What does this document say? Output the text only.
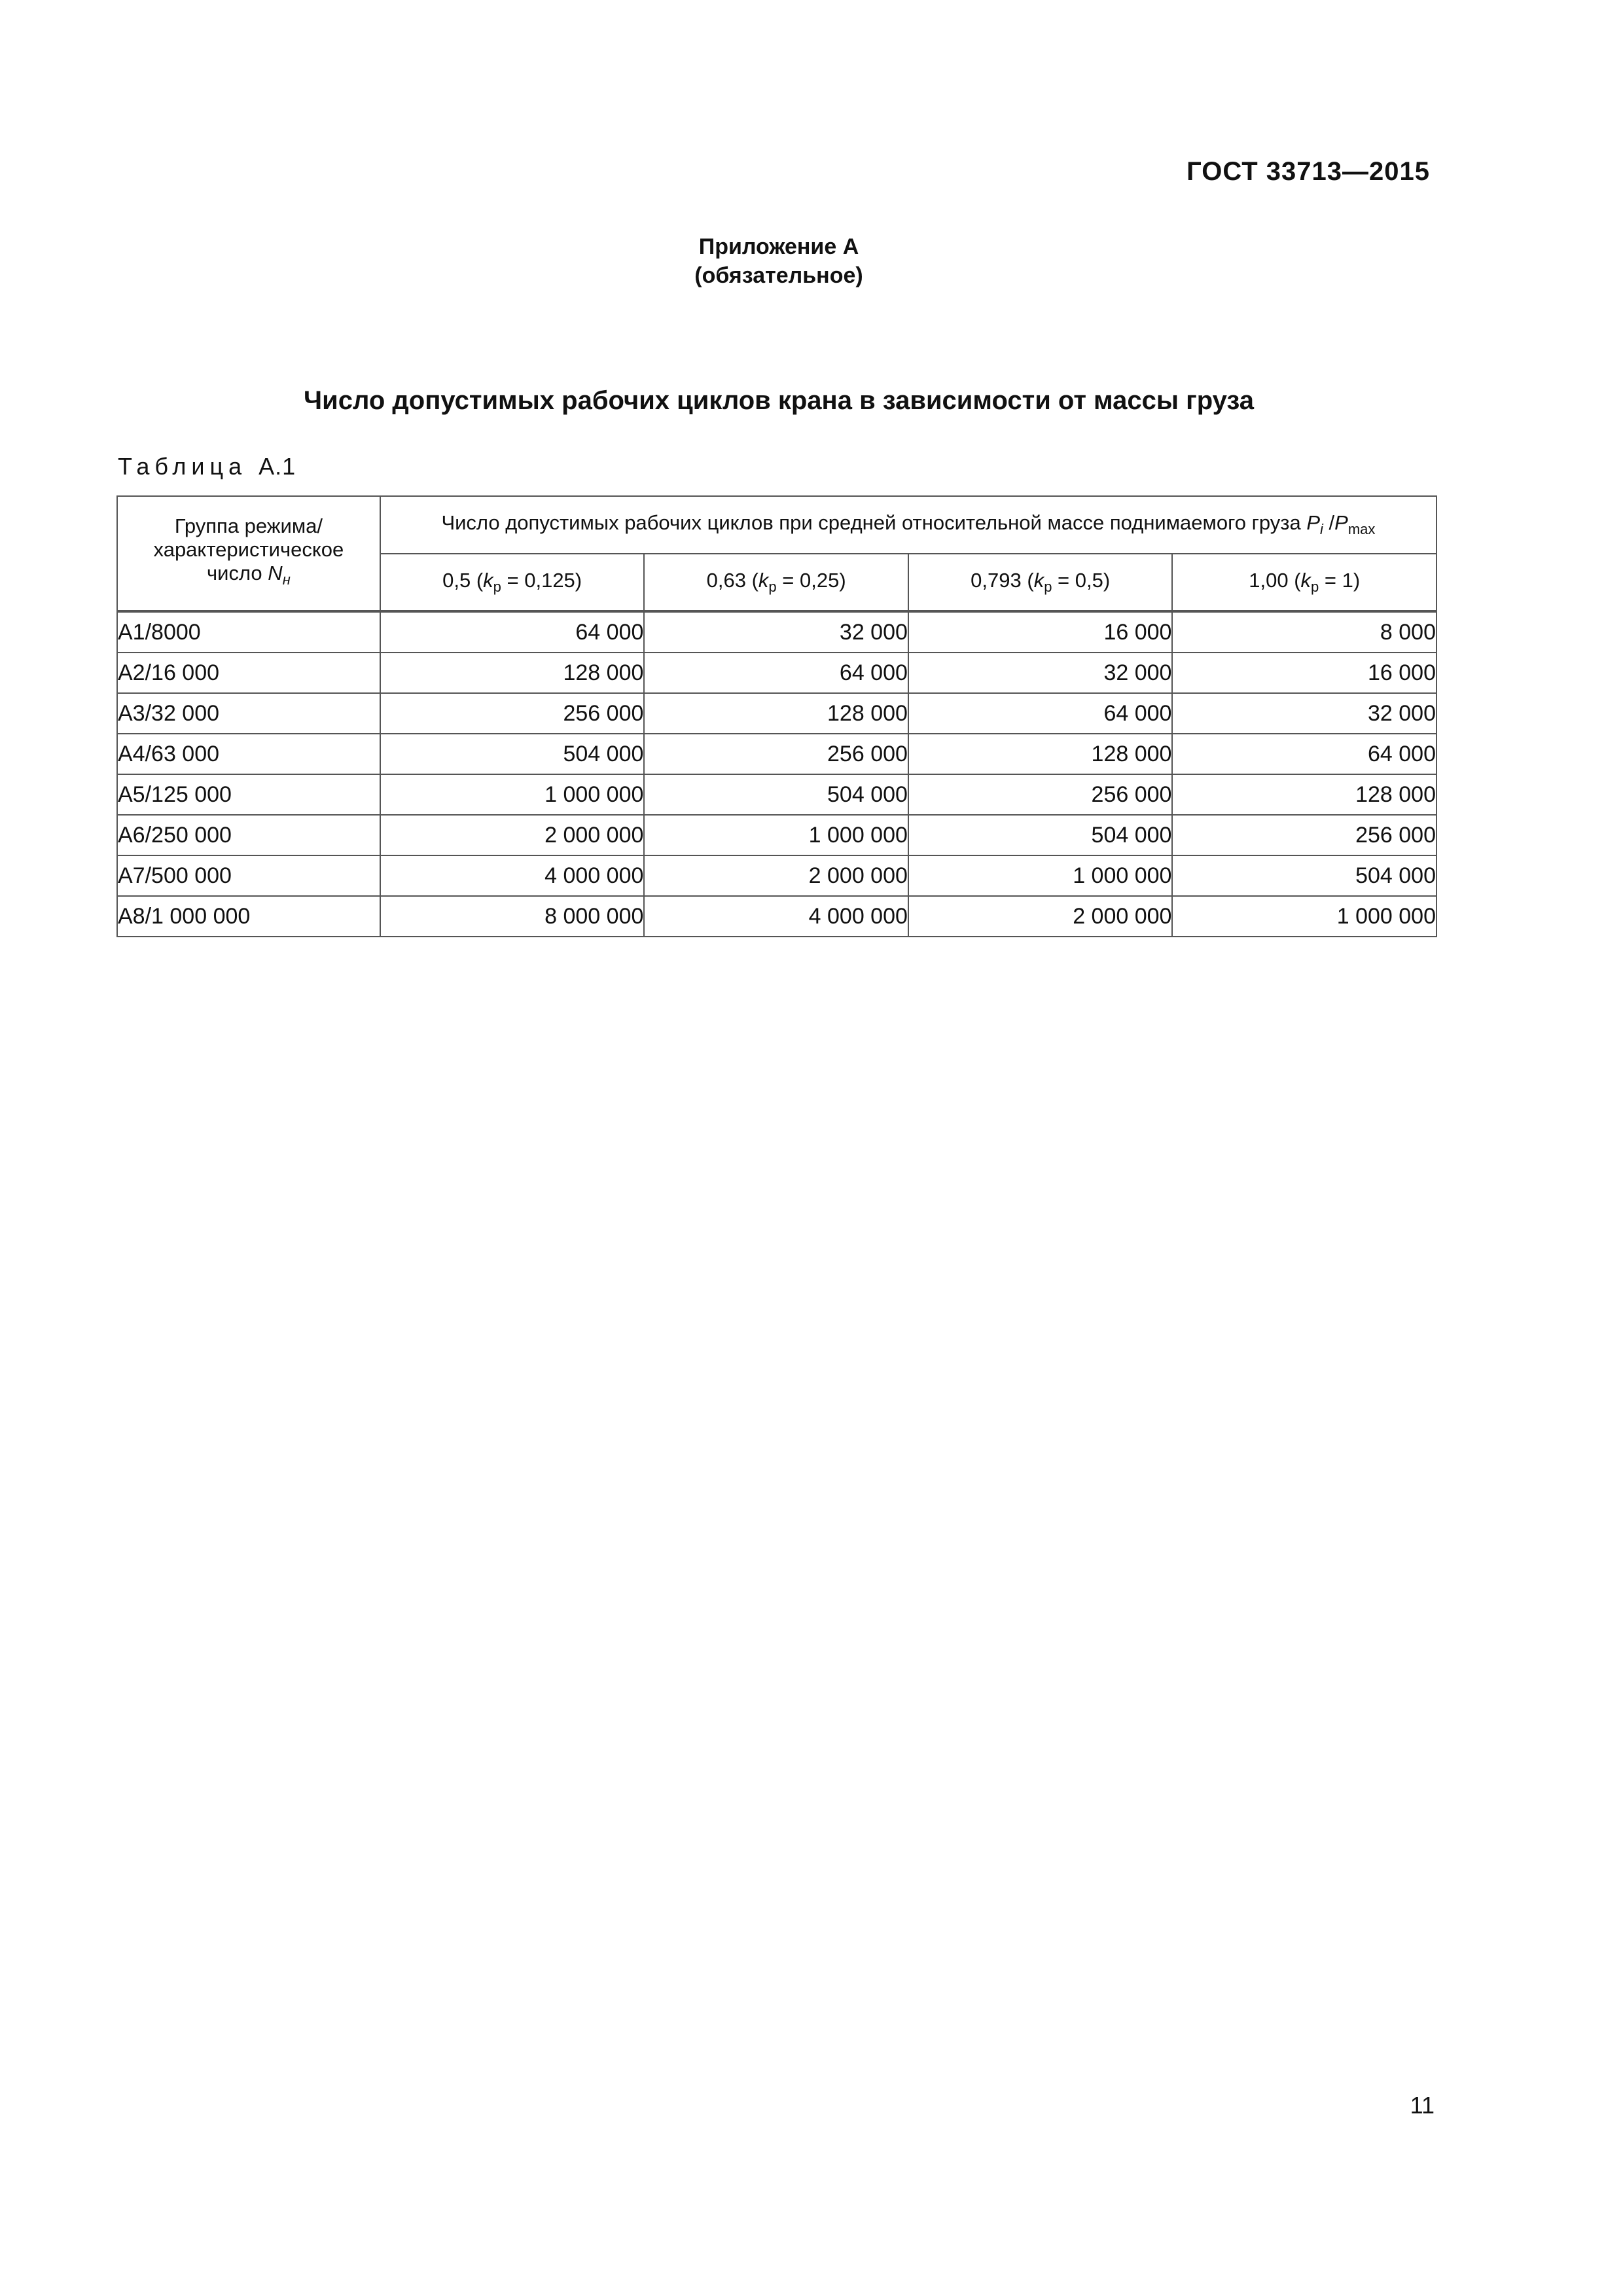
ГОСТ 33713—2015
Приложение А
(обязательное)
Число допустимых рабочих циклов крана в зависимости от массы груза
Таблица А.1
Группа режима/
характеристическое
число $N_н$	Число допустимых рабочих циклов при средней относительной массе поднимаемого груза $P_i$ $/P_{max}$
	0,5 $(k_p = 0,125)$	0,63 $(k_p = 0,25)$	0,793 $(k_p = 0,5)$	1,00 $(k_p = 1)$
А1/8000	64 000	32 000	16 000	8 000
А2/16 000	128 000	64 000	32 000	16 000
А3/32 000	256 000	128 000	64 000	32 000
А4/63 000	504 000	256 000	128 000	64 000
А5/125 000	1 000 000	504 000	256 000	128 000
А6/250 000	2 000 000	1 000 000	504 000	256 000
А7/500 000	4 000 000	2 000 000	1 000 000	504 000
А8/1 000 000	8 000 000	4 000 000	2 000 000	1 000 000
11
